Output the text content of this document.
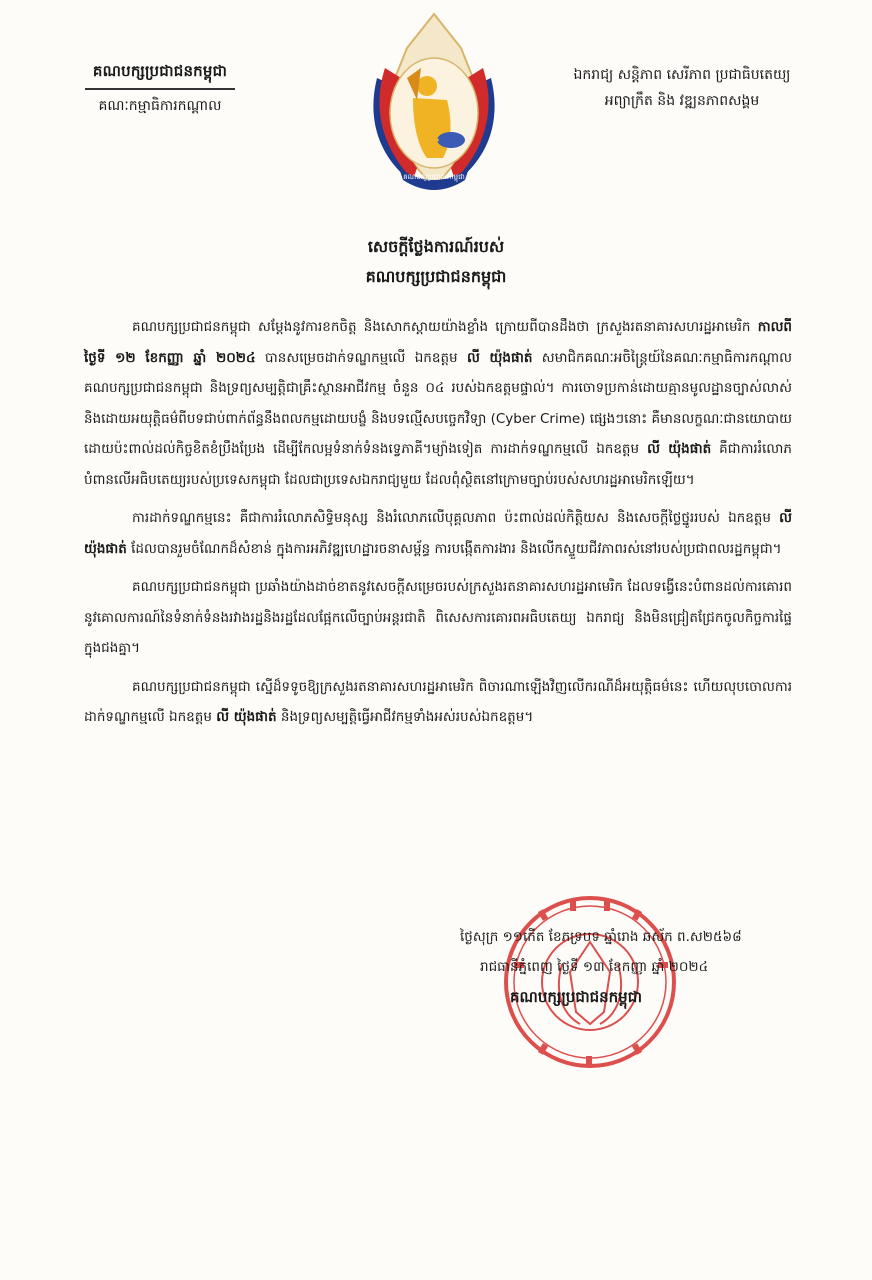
គណបក្សប្រជាជនកម្ពុជា
គណៈកម្មាធិការកណ្តាល
ឯករាជ្យ សន្តិភាព សេរីភាព ប្រជាធិបតេយ្យ
អព្យាក្រឹត និង វឌ្ឍនភាពសង្គម
គណបក្សប្រជាជនកម្ពុជា
សេចក្តីថ្លែងការណ៍របស់
គណបក្សប្រជាជនកម្ពុជា

គណបក្សប្រជាជនកម្ពុជា សម្តែងនូវការខកចិត្ត និងសោកស្តាយយ៉ាងខ្លាំង ក្រោយពីបានដឹងថា ក្រសួងរតនាគារសហរដ្ឋអាមេរិក កាលពីថ្ងៃទី ១២ ខែកញ្ញា ឆ្នាំ ២០២៤ បានសម្រេចដាក់ទណ្ឌកម្មលើ ឯកឧត្តម លី យ៉ុងផាត់ សមាជិកគណៈអចិន្ត្រៃយ៍នៃគណៈកម្មាធិការកណ្តាលគណបក្សប្រជាជនកម្ពុជា និងទ្រព្យសម្បត្តិជាគ្រឹះស្ថានអាជីវកម្ម ចំនួន ០៤ របស់ឯកឧត្តមផ្ទាល់។ ការចោទប្រកាន់ដោយគ្មានមូលដ្ឋានច្បាស់លាស់ និងដោយអយុត្តិធម៌ពីបទជាប់ពាក់ព័ន្ធនឹងពលកម្មដោយបង្ខំ និងបទល្មើសបច្ចេកវិទ្យា (Cyber Crime) ផ្សេងៗនោះ គឺមានលក្ខណៈជានយោបាយ ដោយប៉ះពាល់ដល់កិច្ចខិតខំប្រឹងប្រែង ដើម្បីកែលម្អទំនាក់ទំនងទ្វេភាគី។ម្យ៉ាងទៀត ការដាក់ទណ្ឌកម្មលើ ឯកឧត្តម លី យ៉ុងផាត់ គឺជាការរំលោភបំពានលើអធិបតេយ្យរបស់ប្រទេសកម្ពុជា ដែលជាប្រទេសឯករាជ្យមួយ ដែលពុំស្ថិតនៅក្រោមច្បាប់របស់សហរដ្ឋអាមេរិកឡើយ។

ការដាក់ទណ្ឌកម្មនេះ គឺជាការរំលោភសិទ្ធិមនុស្ស និងរំលោភលើបុគ្គលភាព ប៉ះពាល់ដល់កិត្តិយស និងសេចក្តីថ្លៃថ្នូររបស់ ឯកឧត្តម លី យ៉ុងផាត់ ដែលបានរួមចំណែកដ៏សំខាន់ ក្នុងការអភិវឌ្ឍហេដ្ឋារចនាសម្ព័ន្ធ ការបង្កើតការងារ និងលើកស្ទួយជីវភាពរស់នៅរបស់ប្រជាពលរដ្ឋកម្ពុជា។

គណបក្សប្រជាជនកម្ពុជា ប្រឆាំងយ៉ាងដាច់ខាតនូវសេចក្តីសម្រេចរបស់ក្រសួងរតនាគារសហរដ្ឋអាមេរិក ដែលទង្វើនេះបំពានដល់ការគោរពនូវគោលការណ៍នៃទំនាក់ទំនងរវាងរដ្ឋនិងរដ្ឋដែលផ្អែកលើច្បាប់អន្តរជាតិ ពិសេសការគោរពអធិបតេយ្យ ឯករាជ្យ និងមិនជ្រៀតជ្រែកចូលកិច្ចការផ្ទៃក្នុងជងគ្នា។

គណបក្សប្រជាជនកម្ពុជា ស្នើដ៏ទទូចឱ្យក្រសួងរតនាគារសហរដ្ឋអាមេរិក ពិចារណាឡើងវិញលើករណីដ៏អយុត្តិធម៌នេះ ហើយលុបចោលការដាក់ទណ្ឌកម្មលើ ឯកឧត្តម លី យ៉ុងផាត់ និងទ្រព្យសម្បត្តិធ្វើអាជីវកម្មទាំងអស់របស់ឯកឧត្តម។

ថ្ងៃសុក្រ ១១កើត ខែភទ្របទ ឆ្នាំរោង ឆស័ក ព.ស២៥៦៨
រាជធានីភ្នំពេញ ថ្ងៃទី ១៣ ខែកញ្ញា ឆ្នាំ ២០២៤
គណបក្សប្រជាជនកម្ពុជា
